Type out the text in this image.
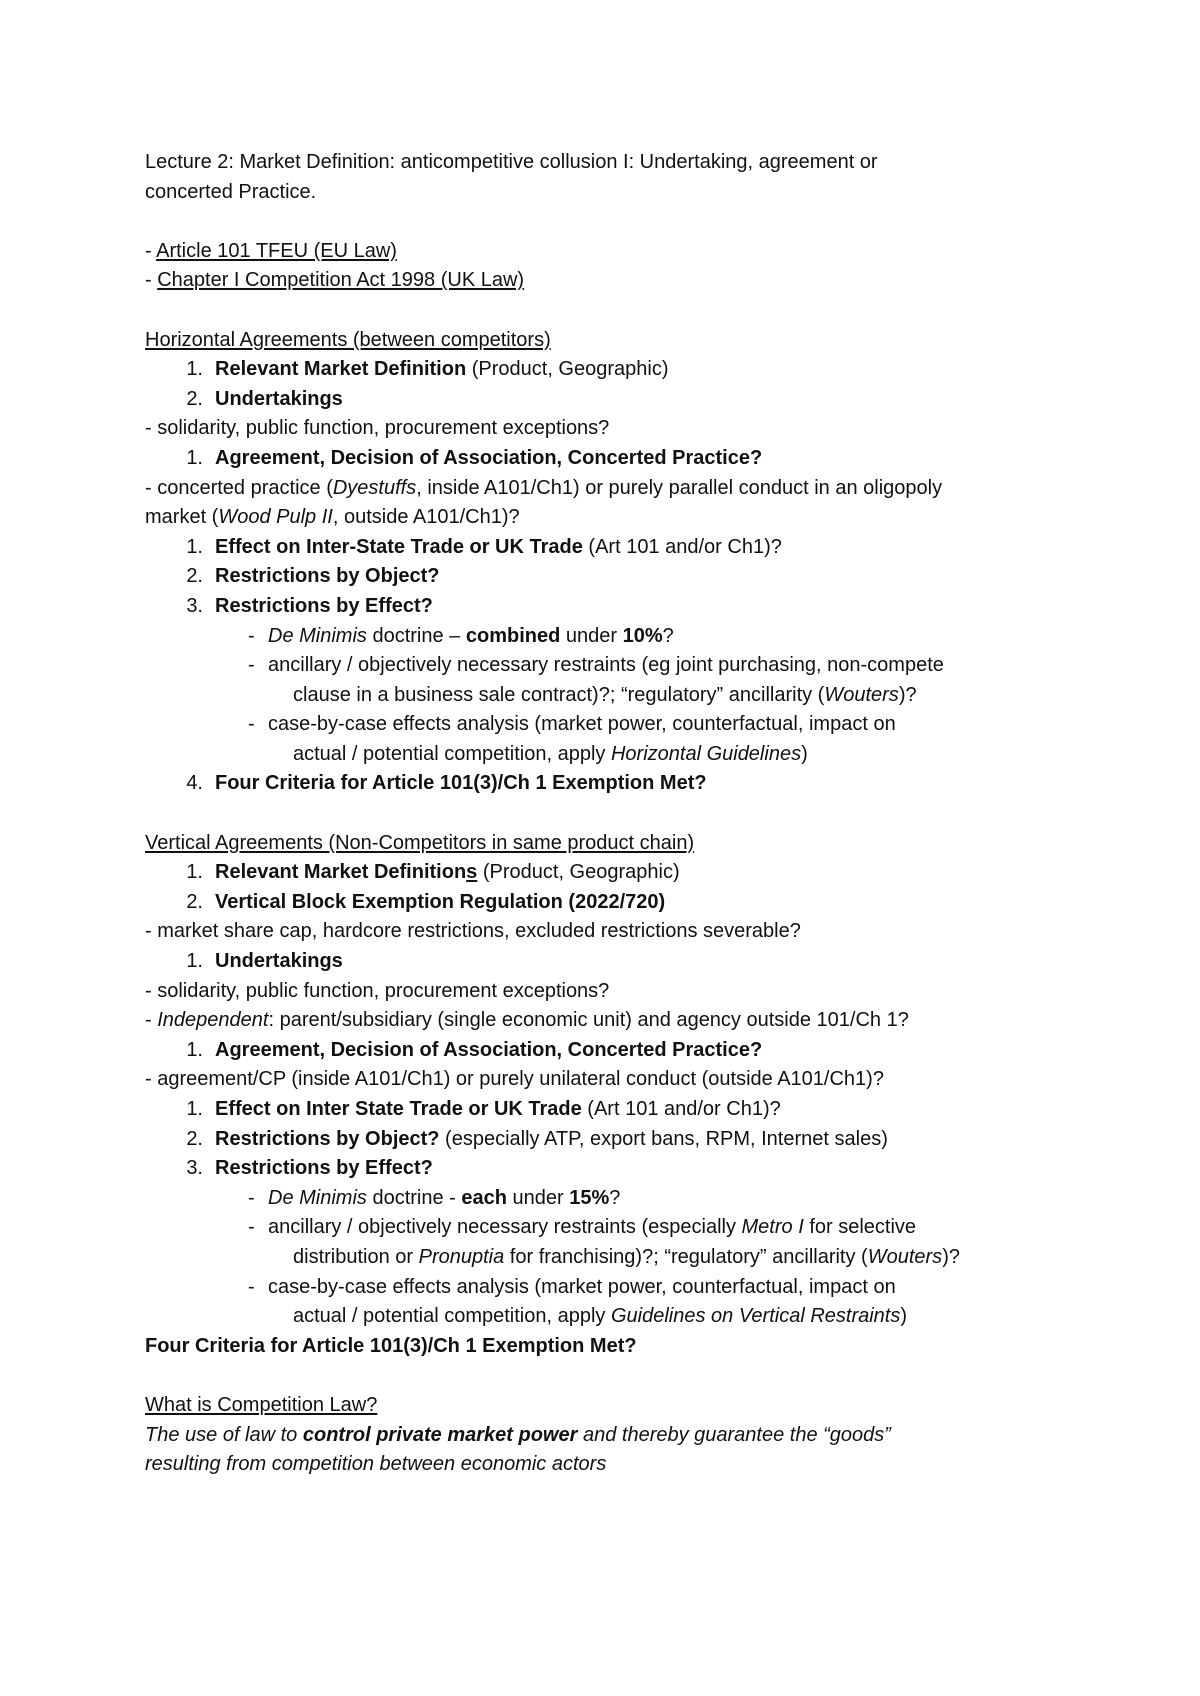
Lecture 2: Market Definition: anticompetitive collusion I: Undertaking, agreement or

concerted Practice.

- Article 101 TFEU (EU Law)

- Chapter I Competition Act 1998 (UK Law)

Horizontal Agreements (between competitors)

1. Relevant Market Definition (Product, Geographic)

2. Undertakings

- solidarity, public function, procurement exceptions?

1. Agreement, Decision of Association, Concerted Practice?

- concerted practice (Dyestuffs, inside A101/Ch1) or purely parallel conduct in an oligopoly

market (Wood Pulp II, outside A101/Ch1)?

1. Effect on Inter-State Trade or UK Trade (Art 101 and/or Ch1)?

2. Restrictions by Object?

3. Restrictions by Effect?

- De Minimis doctrine – combined under 10%?

- ancillary / objectively necessary restraints (eg joint purchasing, non-compete

clause in a business sale contract)?; “regulatory” ancillarity (Wouters)?

- case-by-case effects analysis (market power, counterfactual, impact on

actual / potential competition, apply Horizontal Guidelines)

4. Four Criteria for Article 101(3)/Ch 1 Exemption Met?

Vertical Agreements (Non-Competitors in same product chain)

1. Relevant Market Definitions (Product, Geographic)

2. Vertical Block Exemption Regulation (2022/720)

- market share cap, hardcore restrictions, excluded restrictions severable?

1. Undertakings

- solidarity, public function, procurement exceptions?

- Independent: parent/subsidiary (single economic unit) and agency outside 101/Ch 1?

1. Agreement, Decision of Association, Concerted Practice?

- agreement/CP (inside A101/Ch1) or purely unilateral conduct (outside A101/Ch1)?

1. Effect on Inter State Trade or UK Trade (Art 101 and/or Ch1)?

2. Restrictions by Object? (especially ATP, export bans, RPM, Internet sales)

3. Restrictions by Effect?

- De Minimis doctrine - each under 15%?

- ancillary / objectively necessary restraints (especially Metro I for selective

distribution or Pronuptia for franchising)?; “regulatory” ancillarity (Wouters)?

- case-by-case effects analysis (market power, counterfactual, impact on

actual / potential competition, apply Guidelines on Vertical Restraints)

Four Criteria for Article 101(3)/Ch 1 Exemption Met?

What is Competition Law?

The use of law to control private market power and thereby guarantee the “goods”

resulting from competition between economic actors
